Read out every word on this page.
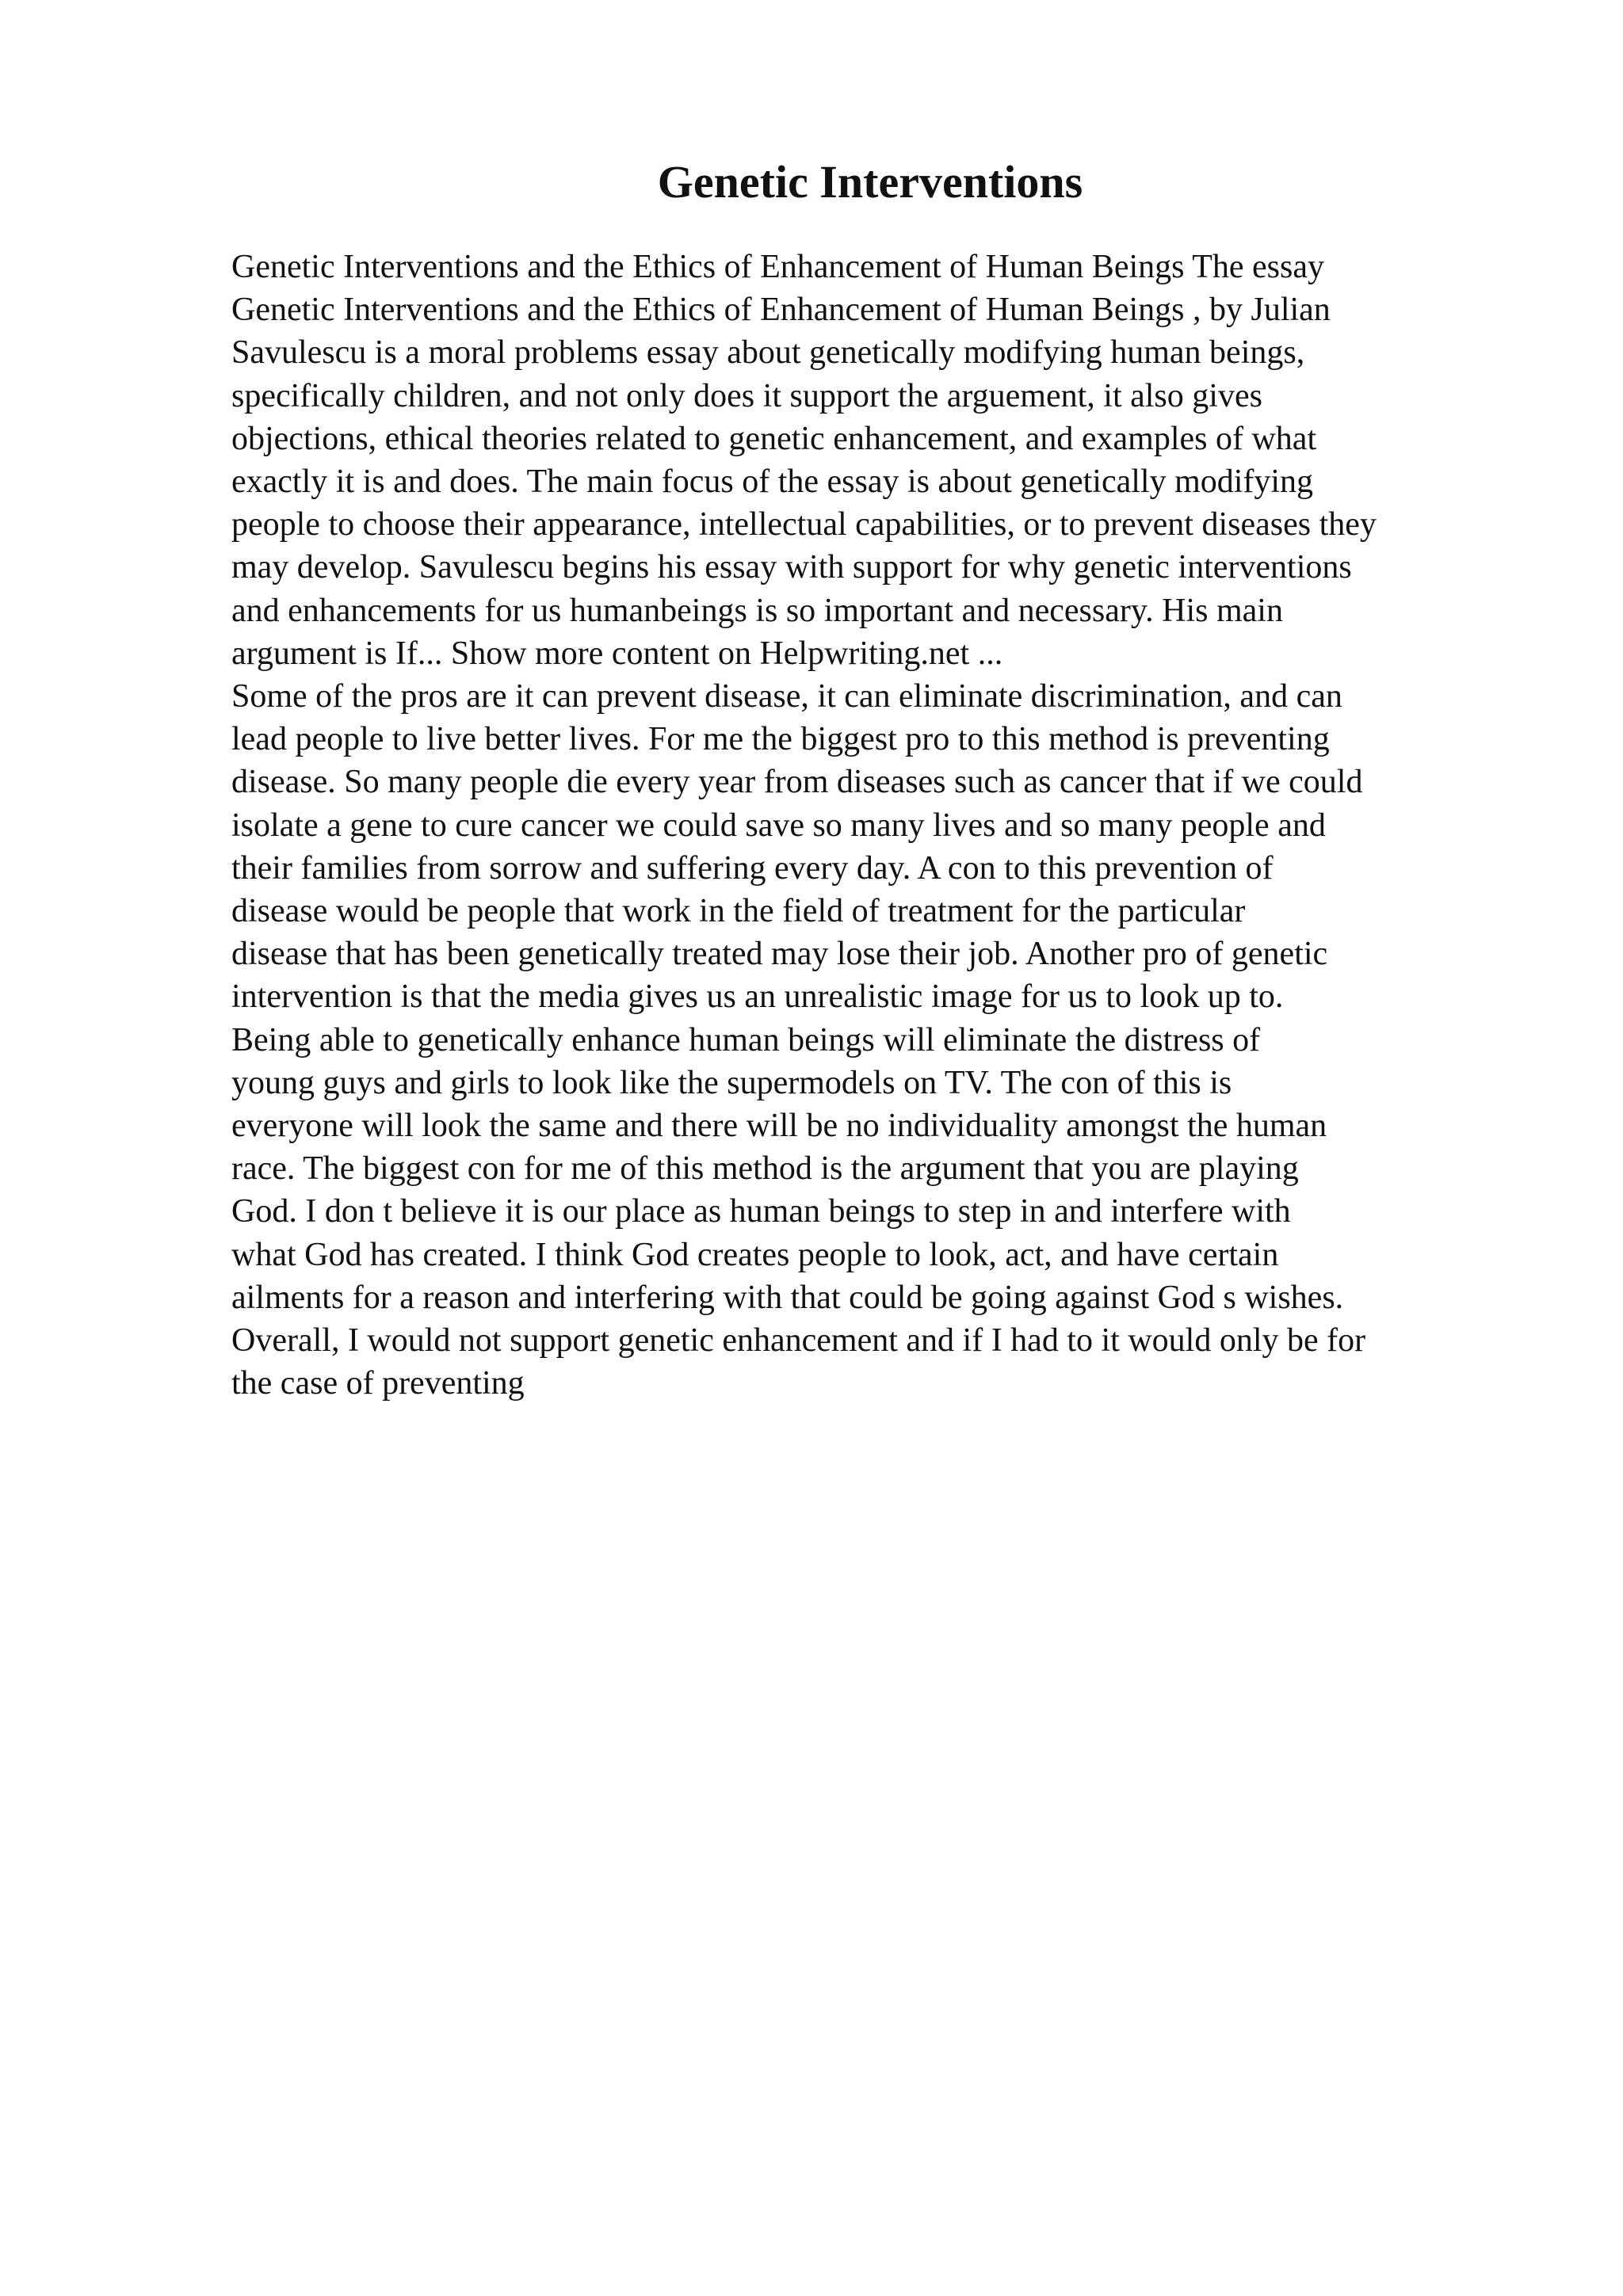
Genetic Interventions
Genetic Interventions and the Ethics of Enhancement of Human Beings The essay
Genetic Interventions and the Ethics of Enhancement of Human Beings , by Julian
Savulescu is a moral problems essay about genetically modifying human beings,
specifically children, and not only does it support the arguement, it also gives
objections, ethical theories related to genetic enhancement, and examples of what
exactly it is and does. The main focus of the essay is about genetically modifying
people to choose their appearance, intellectual capabilities, or to prevent diseases they
may develop. Savulescu begins his essay with support for why genetic interventions
and enhancements for us humanbeings is so important and necessary. His main
argument is If... Show more content on Helpwriting.net ...
Some of the pros are it can prevent disease, it can eliminate discrimination, and can
lead people to live better lives. For me the biggest pro to this method is preventing
disease. So many people die every year from diseases such as cancer that if we could
isolate a gene to cure cancer we could save so many lives and so many people and
their families from sorrow and suffering every day. A con to this prevention of
disease would be people that work in the field of treatment for the particular
disease that has been genetically treated may lose their job. Another pro of genetic
intervention is that the media gives us an unrealistic image for us to look up to.
Being able to genetically enhance human beings will eliminate the distress of
young guys and girls to look like the supermodels on TV. The con of this is
everyone will look the same and there will be no individuality amongst the human
race. The biggest con for me of this method is the argument that you are playing
God. I don t believe it is our place as human beings to step in and interfere with
what God has created. I think God creates people to look, act, and have certain
ailments for a reason and interfering with that could be going against God s wishes.
Overall, I would not support genetic enhancement and if I had to it would only be for
the case of preventing
